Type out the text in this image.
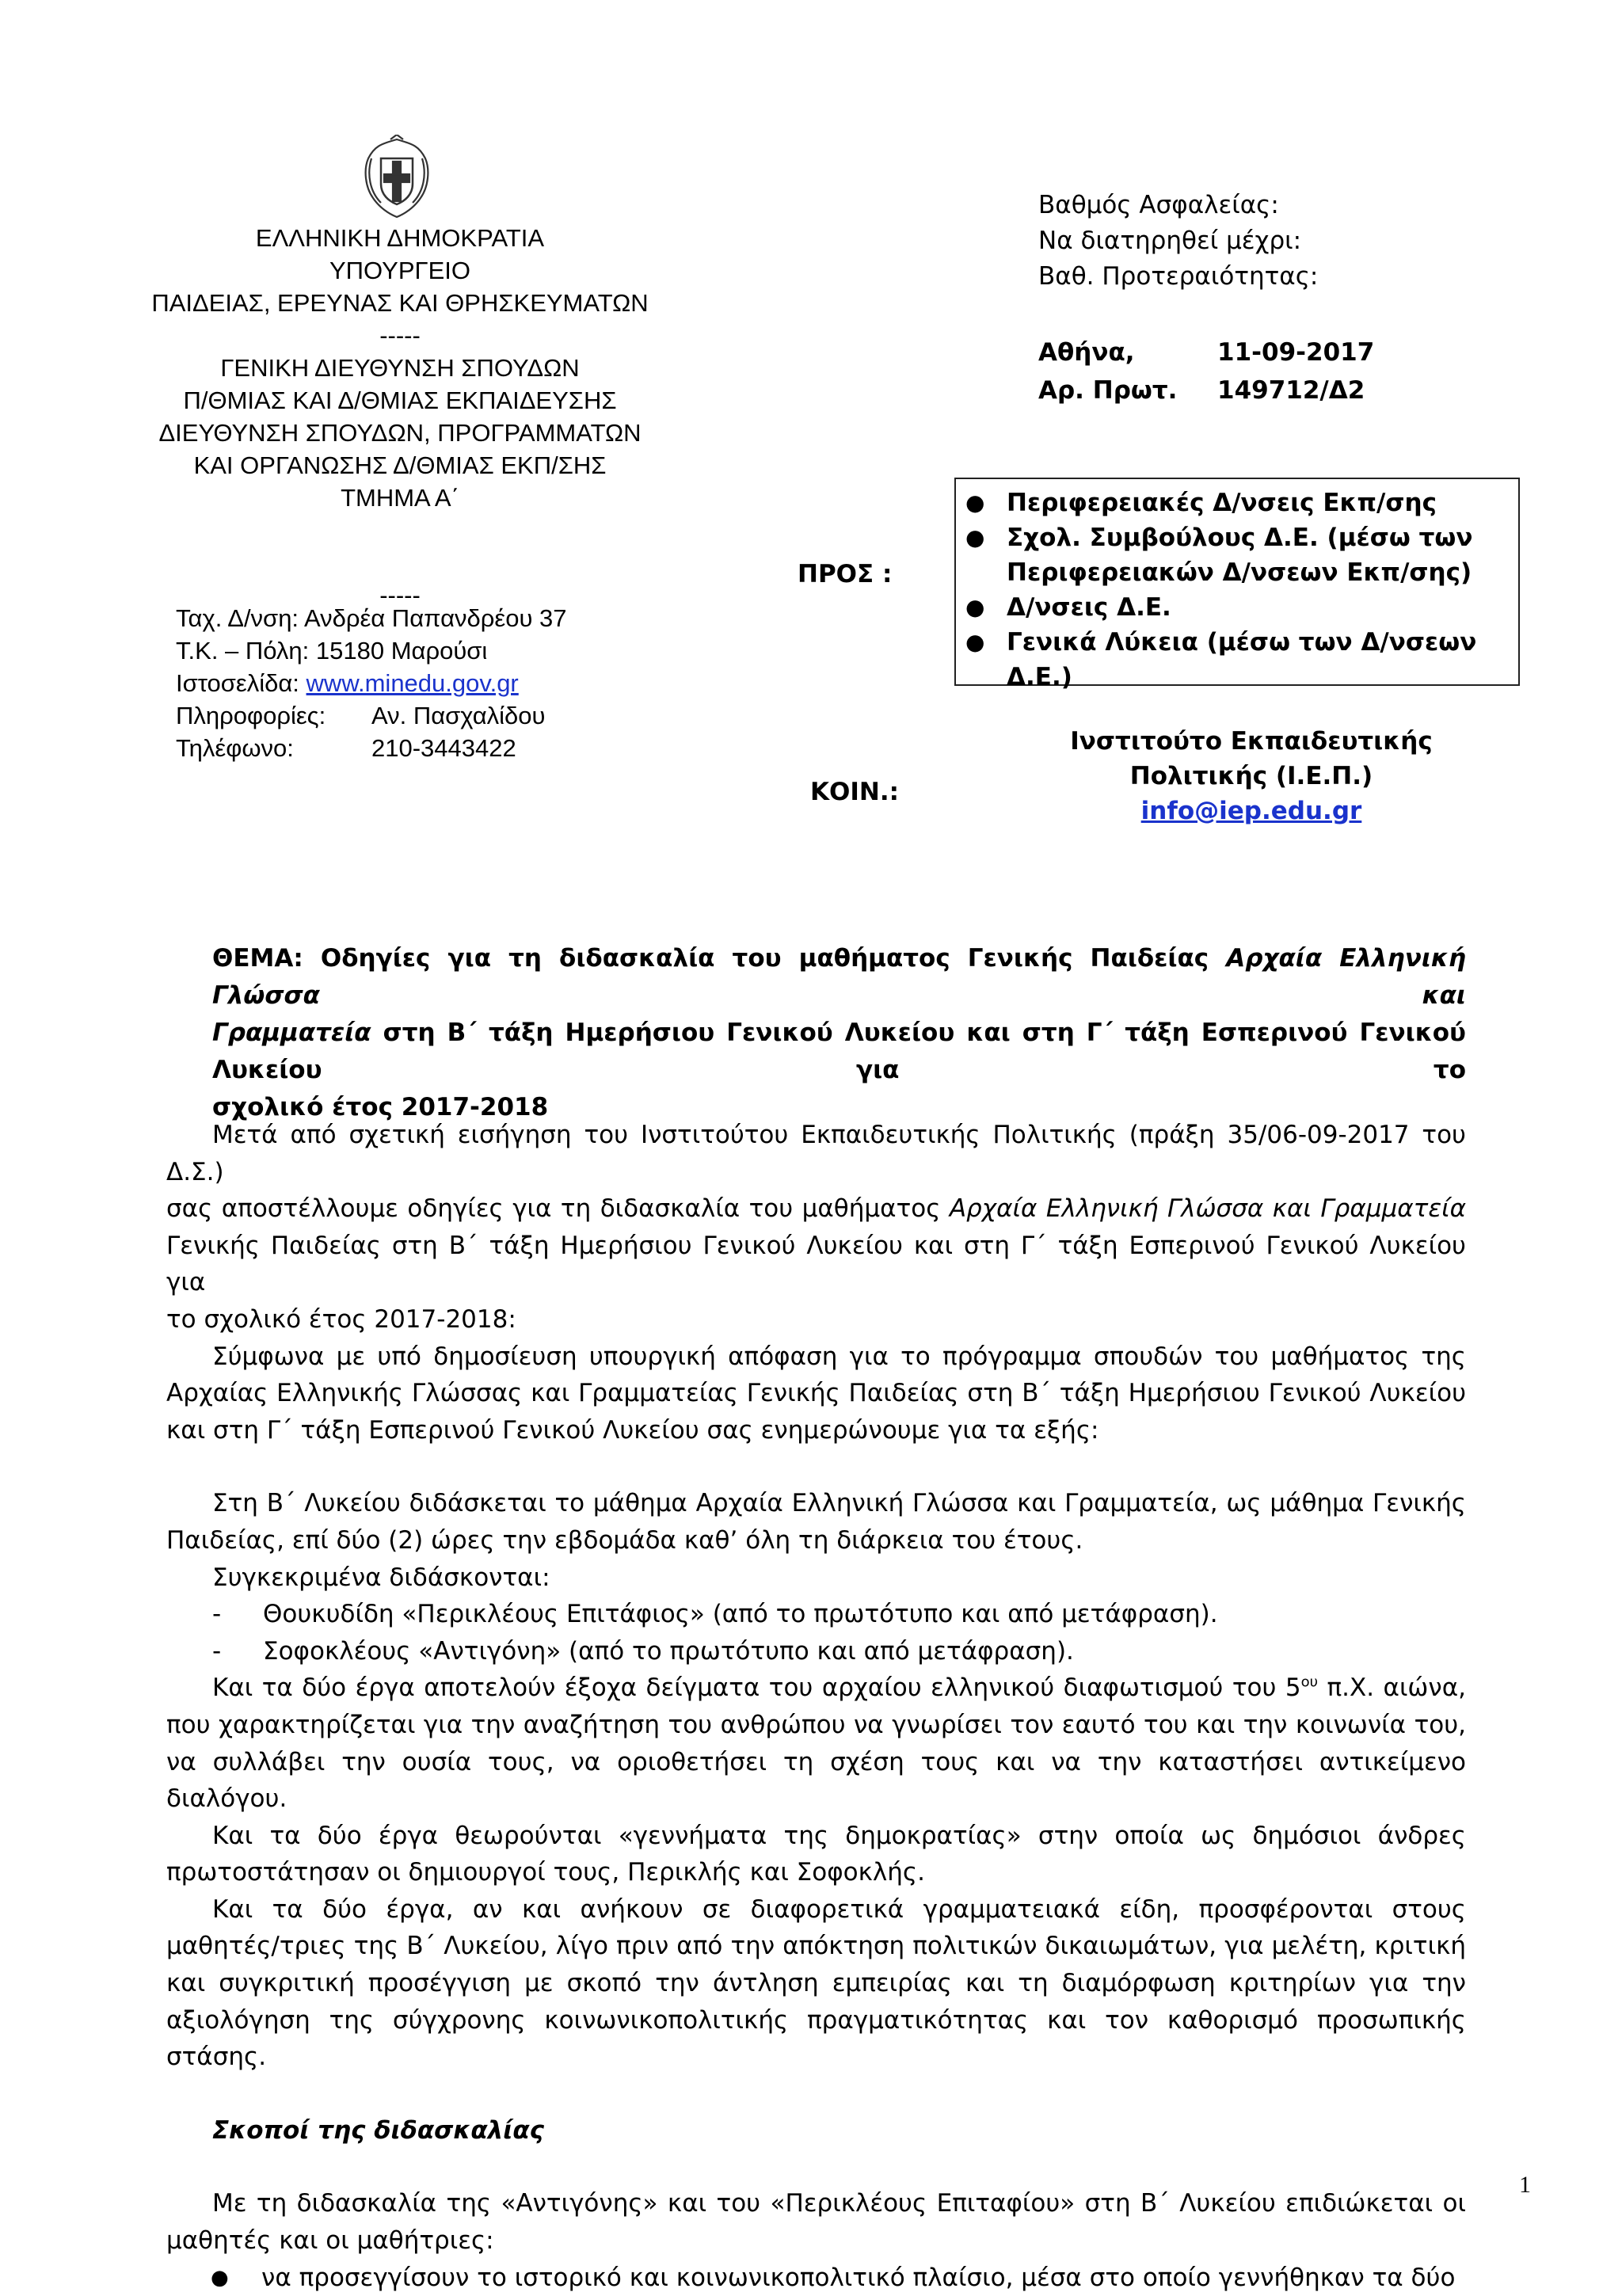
ΕΛΛΗΝΙΚΗ ΔΗΜΟΚΡΑΤΙΑ
ΥΠΟΥΡΓΕΙΟ
ΠΑΙΔΕΙΑΣ, ΕΡΕΥΝΑΣ ΚΑΙ ΘΡΗΣΚΕΥΜΑΤΩΝ
-----
ΓΕΝΙΚΗ ΔΙΕΥΘΥΝΣΗ ΣΠΟΥΔΩΝ
Π/ΘΜΙΑΣ ΚΑΙ Δ/ΘΜΙΑΣ ΕΚΠΑΙΔΕΥΣΗΣ
ΔΙΕΥΘΥΝΣΗ ΣΠΟΥΔΩΝ, ΠΡΟΓΡΑΜΜΑΤΩΝ
ΚΑΙ ΟΡΓΑΝΩΣΗΣ Δ/ΘΜΙΑΣ ΕΚΠ/ΣΗΣ
ΤΜΗΜΑ Α΄
-----
Ταχ. Δ/νση: Ανδρέα Παπανδρέου 37
Τ.Κ. – Πόλη: 15180 Μαρούσι
Ιστοσελίδα: www.minedu.gov.gr
Πληροφορίες: Αν. Πασχαλίδου
Τηλέφωνο:	210-3443422
Βαθμός Ασφαλείας:
Να διατηρηθεί μέχρι:
Βαθ. Προτεραιότητας:
Αθήνα,	11-09-2017
Αρ. Πρωτ. 149712/Δ2
ΠΡΟΣ :
● Περιφερειακές Δ/νσεις Εκπ/σης
● Σχολ. Συμβούλους Δ.Ε. (μέσω των
Περιφερειακών Δ/νσεων Εκπ/σης)
● Δ/νσεις Δ.Ε.
● Γενικά Λύκεια (μέσω των Δ/νσεων Δ.Ε.)
ΚΟΙΝ.:
Ινστιτούτο Εκπαιδευτικής
Πολιτικής (Ι.Ε.Π.)
info@iep.edu.gr

ΘΕΜΑ: Οδηγίες για τη διδασκαλία του μαθήματος Γενικής Παιδείας Αρχαία Ελληνική Γλώσσα και

Γραμματεία στη Β΄ τάξη Ημερήσιου Γενικού Λυκείου και στη Γ΄ τάξη Εσπερινού Γενικού Λυκείου για το

σχολικό έτος 2017-2018

Μετά από σχετική εισήγηση του Ινστιτούτου Εκπαιδευτικής Πολιτικής (πράξη 35/06-09-2017 του Δ.Σ.)

σας αποστέλλουμε οδηγίες για τη διδασκαλία του μαθήματος Αρχαία Ελληνική Γλώσσα και Γραμματεία

Γενικής Παιδείας στη Β΄ τάξη Ημερήσιου Γενικού Λυκείου και στη Γ΄ τάξη Εσπερινού Γενικού Λυκείου για

το σχολικό έτος 2017-2018:

Σύμφωνα με υπό δημοσίευση υπουργική απόφαση για το πρόγραμμα σπουδών του μαθήματος της

Αρχαίας Ελληνικής Γλώσσας και Γραμματείας Γενικής Παιδείας στη Β΄ τάξη Ημερήσιου Γενικού Λυκείου

και στη Γ΄ τάξη Εσπερινού Γενικού Λυκείου σας ενημερώνουμε για τα εξής:

Στη Β΄ Λυκείου διδάσκεται το μάθημα Αρχαία Ελληνική Γλώσσα και Γραμματεία, ως μάθημα Γενικής

Παιδείας, επί δύο (2) ώρες την εβδομάδα καθ’ όλη τη διάρκεια του έτους.

Συγκεκριμένα διδάσκονται:

- Θουκυδίδη «Περικλέους Επιτάφιος» (από το πρωτότυπο και από μετάφραση).

- Σοφοκλέους «Αντιγόνη» (από το πρωτότυπο και από μετάφραση).

Και τα δύο έργα αποτελούν έξοχα δείγματα του αρχαίου ελληνικού διαφωτισμού του $5^{o\upsilon}$ π.Χ. αιώνα,

που χαρακτηρίζεται για την αναζήτηση του ανθρώπου να γνωρίσει τον εαυτό του και την κοινωνία του,

να συλλάβει την ουσία τους, να οριοθετήσει τη σχέση τους και να την καταστήσει αντικείμενο διαλόγου.

Και τα δύο έργα θεωρούνται «γεννήματα της δημοκρατίας» στην οποία ως δημόσιοι άνδρες

πρωτοστάτησαν οι δημιουργοί τους, Περικλής και Σοφοκλής.

Και τα δύο έργα, αν και ανήκουν σε διαφορετικά γραμματειακά είδη, προσφέρονται στους

μαθητές/τριες της Β΄ Λυκείου, λίγο πριν από την απόκτηση πολιτικών δικαιωμάτων, για μελέτη, κριτική

και συγκριτική προσέγγιση με σκοπό την άντληση εμπειρίας και τη διαμόρφωση κριτηρίων για την

αξιολόγηση της σύγχρονης κοινωνικοπολιτικής πραγματικότητας και τον καθορισμό προσωπικής στάσης.

Σκοποί της διδασκαλίας

Με τη διδασκαλία της «Αντιγόνης» και του «Περικλέους Επιταφίου» στη Β΄ Λυκείου επιδιώκεται οι

μαθητές και οι μαθήτριες:

●	να προσεγγίσουν το ιστορικό και κοινωνικοπολιτικό πλαίσιο, μέσα στο οποίο γεννήθηκαν τα δύο

1
